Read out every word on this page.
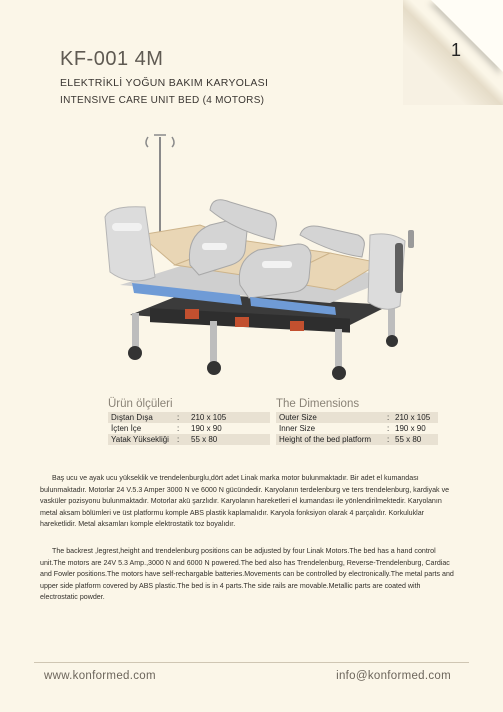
1
KF-001 4M
ELEKTRİKLİ YOĞUN BAKIM KARYOLASI
INTENSIVE CARE UNIT BED (4 MOTORS)
Ürün ölçüleri
Dıştan Dışa	:	210 x 105
İçten İçe	:	190 x 90
Yatak Yüksekliği	:	55 x 80
The Dimensions
Outer Size	: 210 x 105
Inner Size	: 190 x 90
Height of the bed platform	: 55 x 80

Baş ucu ve ayak ucu yükseklik ve trendelenburglu,dört adet Linak marka motor bulunmaktadır. Bir adet el kumandası bulunmaktadır. Motorlar 24 V.5.3 Amper 3000 N ve 6000 N gücündedir. Karyolanın terdelenburg ve ters trendelenburg, kardiyak ve vasküler pozisyonu bulunmaktadır. Motorlar akü şarzlıdır. Karyolanın hareketleri el kumandası ile yönlendirilmektedir. Karyolanın metal aksam bölümleri ve üst platformu komple ABS plastik kaplamalıdır. Karyola fonksiyon olarak 4 parçalıdır. Korkuluklar hareketlidir. Metal aksamları komple elektrostatik toz boyalıdır.

The backrest ,legrest,height and trendelenburg positions can be adjusted by four Linak Motors.The bed has a hand control unit.The motors are 24V 5.3 Amp.,3000 N and 6000 N powered.The bed also has Trendelenburg, Reverse-Trendelenburg, Cardiac and Fowler positions.The motors have self-rechargable batteries.Movements can be controlled by electronically.The metal parts and upper side platform covered by ABS plastic.The bed is in 4 parts.The side rails are movable.Metallic parts are coated with electrostatic powder.

www.konformed.com	info@konformed.com
